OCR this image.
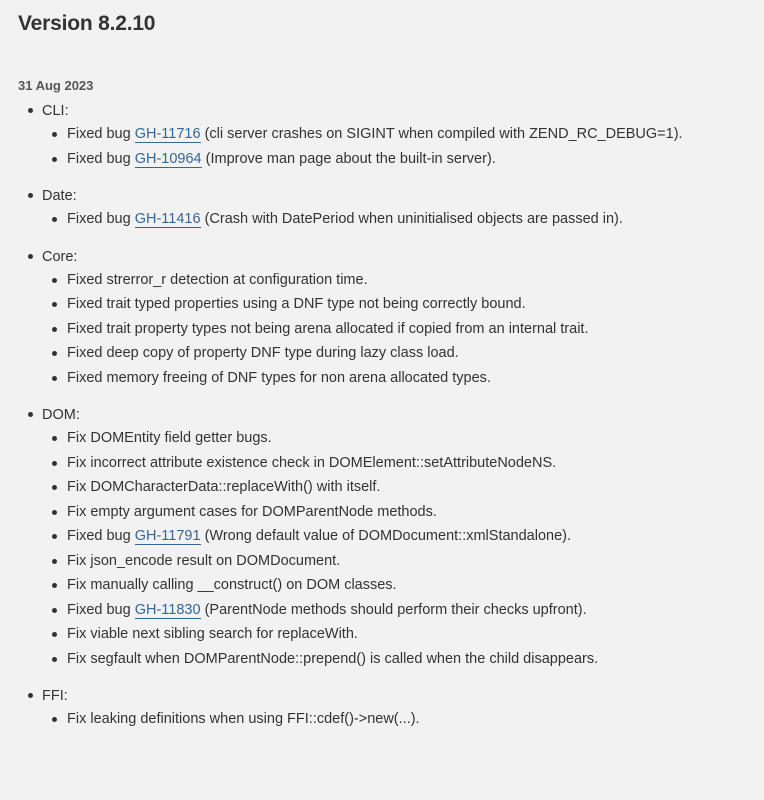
Version 8.2.10
31 Aug 2023
CLI:
Fixed bug GH-11716 (cli server crashes on SIGINT when compiled with ZEND_RC_DEBUG=1).
Fixed bug GH-10964 (Improve man page about the built-in server).
Date:
Fixed bug GH-11416 (Crash with DatePeriod when uninitialised objects are passed in).
Core:
Fixed strerror_r detection at configuration time.
Fixed trait typed properties using a DNF type not being correctly bound.
Fixed trait property types not being arena allocated if copied from an internal trait.
Fixed deep copy of property DNF type during lazy class load.
Fixed memory freeing of DNF types for non arena allocated types.
DOM:
Fix DOMEntity field getter bugs.
Fix incorrect attribute existence check in DOMElement::setAttributeNodeNS.
Fix DOMCharacterData::replaceWith() with itself.
Fix empty argument cases for DOMParentNode methods.
Fixed bug GH-11791 (Wrong default value of DOMDocument::xmlStandalone).
Fix json_encode result on DOMDocument.
Fix manually calling __construct() on DOM classes.
Fixed bug GH-11830 (ParentNode methods should perform their checks upfront).
Fix viable next sibling search for replaceWith.
Fix segfault when DOMParentNode::prepend() is called when the child disappears.
FFI:
Fix leaking definitions when using FFI::cdef()->new(...).
